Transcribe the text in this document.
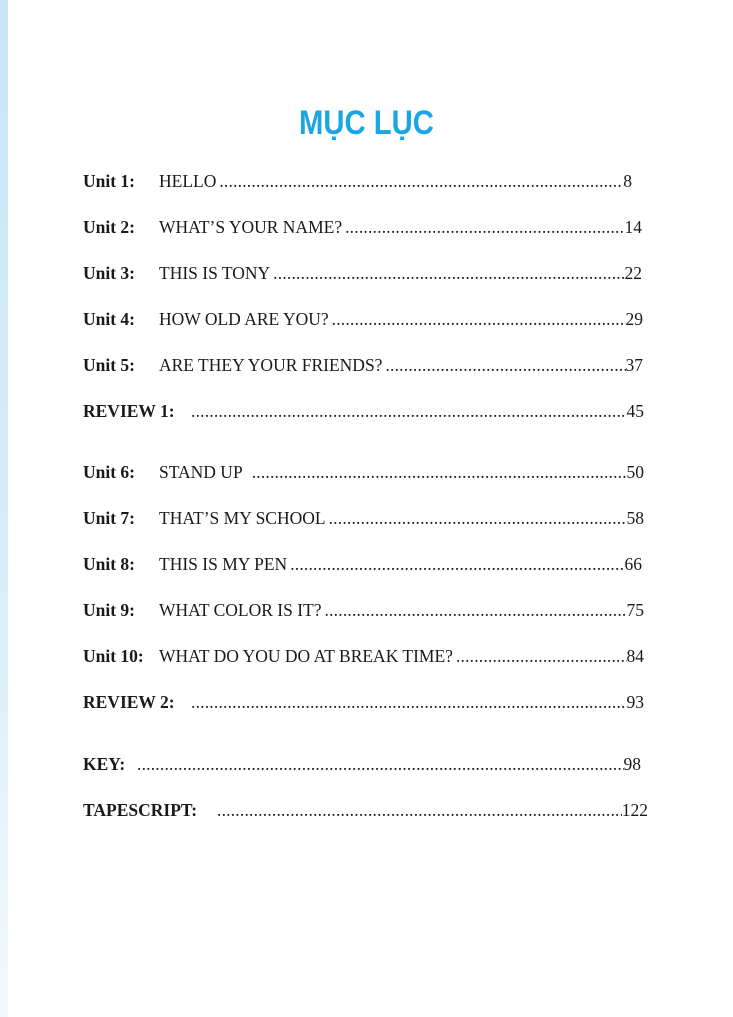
MỤC LỤC
Unit 1:	HELLO .....	8
Unit 2:	WHAT’S YOUR NAME? .....	14
Unit 3:	THIS IS TONY .....	22
Unit 4:	HOW OLD ARE YOU? .....	29
Unit 5:	ARE THEY YOUR FRIENDS? .....	37
REVIEW 1: .....	45
Unit 6:	STAND UP .....	50
Unit 7:	THAT’S MY SCHOOL .....	58
Unit 8:	THIS IS MY PEN .....	66
Unit 9:	WHAT COLOR IS IT? .....	75
Unit 10: WHAT DO YOU DO AT BREAK TIME? .....	84
REVIEW 2: .....	93
KEY: .....	98
TAPESCRIPT: .....	122
